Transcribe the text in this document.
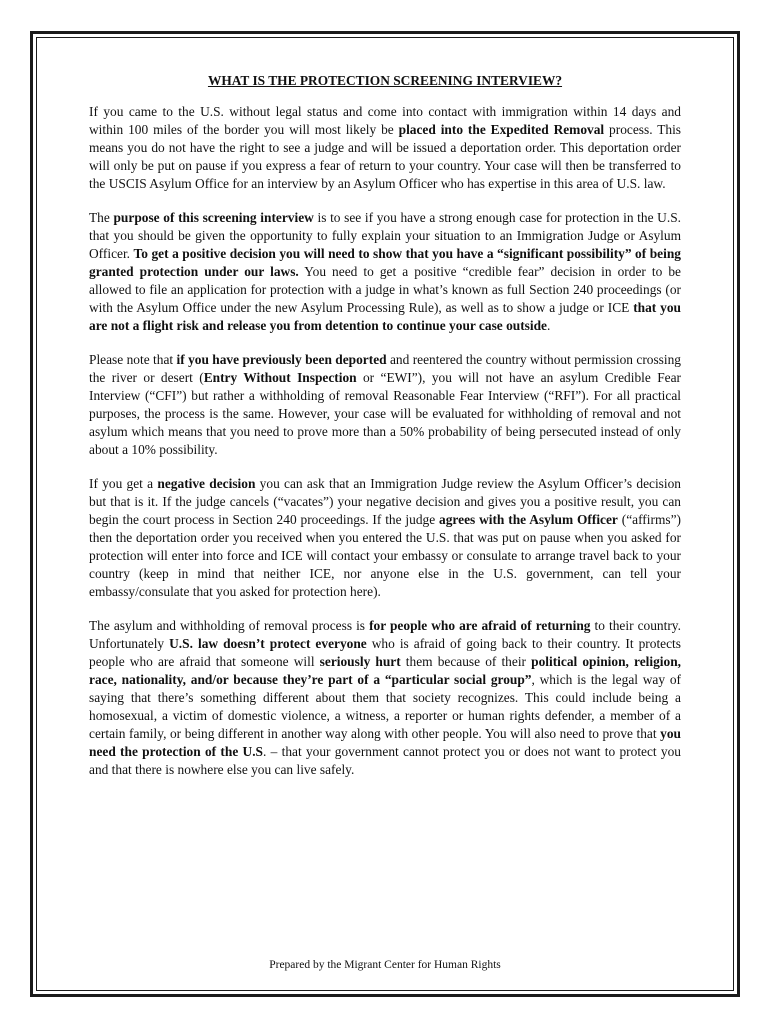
WHAT IS THE PROTECTION SCREENING INTERVIEW?

If you came to the U.S. without legal status and come into contact with immigration within 14 days and within 100 miles of the border you will most likely be placed into the Expedited Removal process. This means you do not have the right to see a judge and will be issued a deportation order. This deportation order will only be put on pause if you express a fear of return to your country. Your case will then be transferred to the USCIS Asylum Office for an interview by an Asylum Officer who has expertise in this area of U.S. law.

The purpose of this screening interview is to see if you have a strong enough case for protection in the U.S. that you should be given the opportunity to fully explain your situation to an Immigration Judge or Asylum Officer. To get a positive decision you will need to show that you have a “significant possibility” of being granted protection under our laws. You need to get a positive “credible fear” decision in order to be allowed to file an application for protection with a judge in what’s known as full Section 240 proceedings (or with the Asylum Office under the new Asylum Processing Rule), as well as to show a judge or ICE that you are not a flight risk and release you from detention to continue your case outside.

Please note that if you have previously been deported and reentered the country without permission crossing the river or desert (Entry Without Inspection or “EWI”), you will not have an asylum Credible Fear Interview (“CFI”) but rather a withholding of removal Reasonable Fear Interview (“RFI”). For all practical purposes, the process is the same. However, your case will be evaluated for withholding of removal and not asylum which means that you need to prove more than a 50% probability of being persecuted instead of only about a 10% possibility.

If you get a negative decision you can ask that an Immigration Judge review the Asylum Officer’s decision but that is it. If the judge cancels (“vacates”) your negative decision and gives you a positive result, you can begin the court process in Section 240 proceedings. If the judge agrees with the Asylum Officer (“affirms”) then the deportation order you received when you entered the U.S. that was put on pause when you asked for protection will enter into force and ICE will contact your embassy or consulate to arrange travel back to your country (keep in mind that neither ICE, nor anyone else in the U.S. government, can tell your embassy/consulate that you asked for protection here).

The asylum and withholding of removal process is for people who are afraid of returning to their country. Unfortunately U.S. law doesn’t protect everyone who is afraid of going back to their country. It protects people who are afraid that someone will seriously hurt them because of their political opinion, religion, race, nationality, and/or because they’re part of a “particular social group”, which is the legal way of saying that there’s something different about them that society recognizes. This could include being a homosexual, a victim of domestic violence, a witness, a reporter or human rights defender, a member of a certain family, or being different in another way along with other people. You will also need to prove that you need the protection of the U.S. – that your government cannot protect you or does not want to protect you and that there is nowhere else you can live safely.

Prepared by the Migrant Center for Human Rights
